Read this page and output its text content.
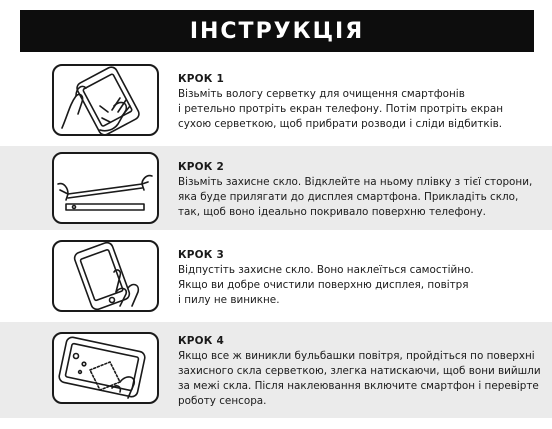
ІНСТРУКЦІЯ
КРОК 1
Візьміть вологу серветку для очищення смартфонів
і ретельно протріть екран телефону. Потім протріть екран
сухою серветкою, щоб прибрати розводи і сліди відбитків.
КРОК 2
Візьміть захисне скло. Відклейте на ньому плівку з тієї сторони,
яка буде прилягати до дисплея смартфона. Прикладіть скло,
так, щоб воно ідеально покривало поверхню телефону.
КРОК 3
Відпустіть захисне скло. Воно наклеїться самостійно.
Якщо ви добре очистили поверхню дисплея, повітря
і пилу не виникне.
КРОК 4
Якщо все ж виникли бульбашки повітря, пройдіться по поверхні
захисного скла серветкою, злегка натискаючи, щоб вони вийшли
за межі скла. Після наклеювання включите смартфон і перевірте
роботу сенсора.
